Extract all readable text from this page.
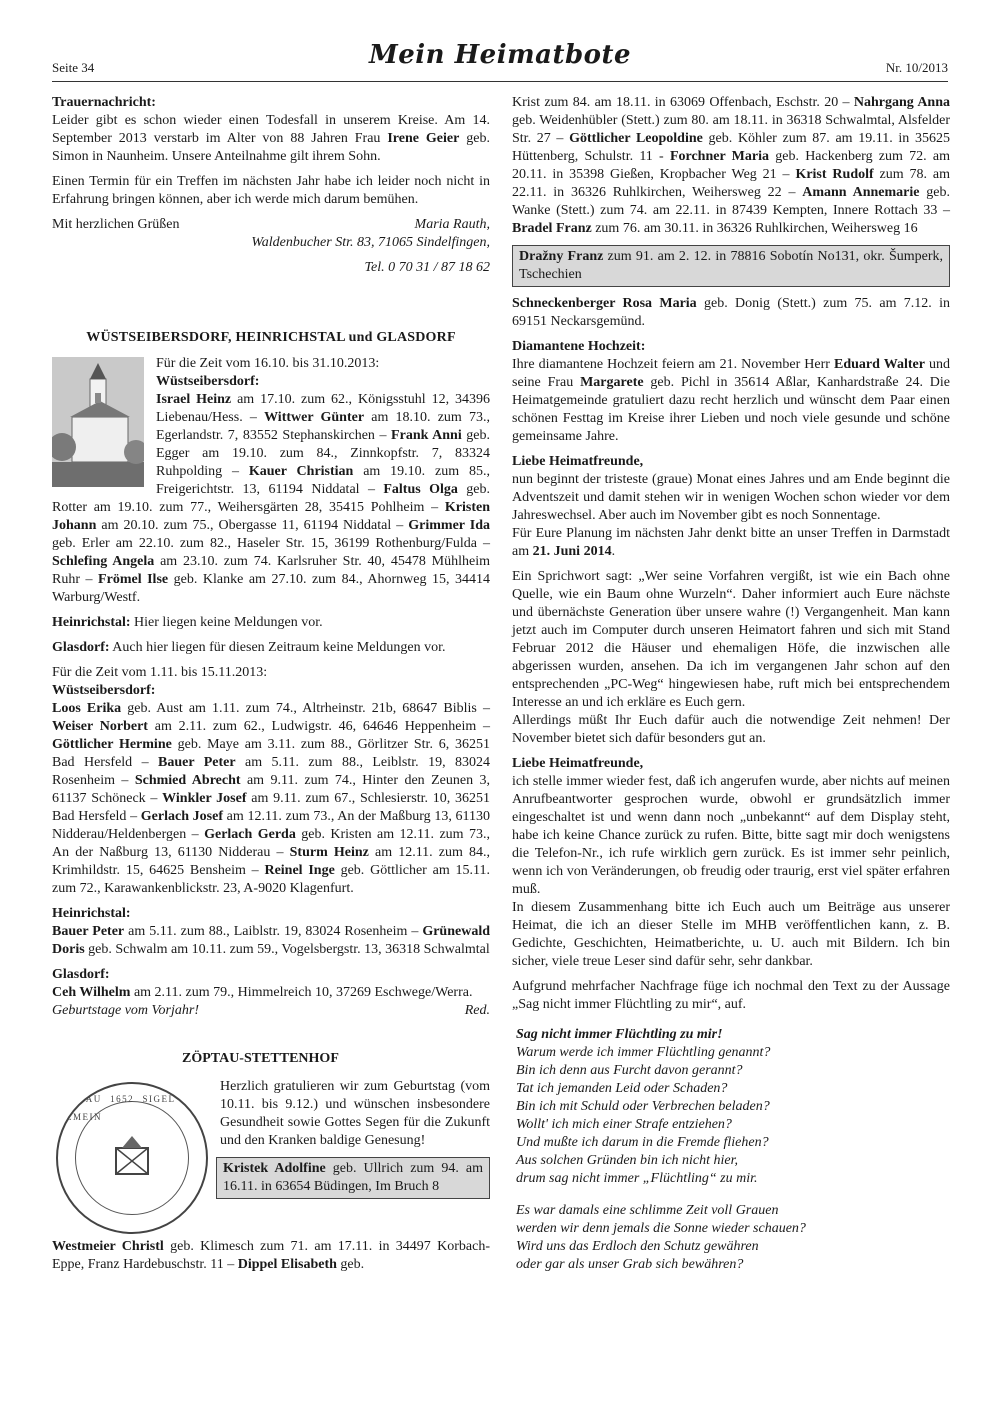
Seite 34	Mein Heimatbote	Nr. 10/2013

Trauernachricht:

Leider gibt es schon wieder einen Todesfall in unserem Kreise. Am 14. September 2013 verstarb im Alter von 88 Jahren Frau Irene Geier geb. Simon in Naunheim. Unsere Anteilnahme gilt ihrem Sohn.

Einen Termin für ein Treffen im nächsten Jahr habe ich leider noch nicht in Erfahrung bringen können, aber ich werde mich darum bemühen.

Mit herzlichen Grüßen	Maria Rauth,

Waldenbucher Str. 83, 71065 Sindelfingen,

Tel. 0 70 31 / 87 18 62

WÜSTSEIBERSDORF, HEINRICHSTAL und GLASDORF

Für die Zeit vom 16.10. bis 31.10.2013:

Wüstseibersdorf:

Israel Heinz am 17.10. zum 62., Königsstuhl 12, 34396 Liebenau/Hess. – Wittwer Günter am 18.10. zum 73., Egerlandstr. 7, 83552 Stephanskirchen – Frank Anni geb. Egger am 19.10. zum 84., Zinnkopfstr. 7, 83324 Ruhpolding – Kauer Christian am 19.10. zum 85., Freigerichtstr. 13, 61194 Niddatal – Faltus Olga geb. Rotter am 19.10. zum 77., Weihersgärten 28, 35415 Pohlheim – Kristen Johann am 20.10. zum 75., Obergasse 11, 61194 Niddatal – Grimmer Ida geb. Erler am 22.10. zum 82., Haseler Str. 15, 36199 Rothenburg/Fulda – Schlefing Angela am 23.10. zum 74. Karlsruher Str. 40, 45478 Mühlheim Ruhr – Frömel Ilse geb. Klanke am 27.10. zum 84., Ahornweg 15, 34414 Warburg/Westf.

Heinrichstal: Hier liegen keine Meldungen vor.

Glasdorf: Auch hier liegen für diesen Zeitraum keine Meldungen vor.

Für die Zeit vom 1.11. bis 15.11.2013:

Wüstseibersdorf:

Loos Erika geb. Aust am 1.11. zum 74., Altrheinstr. 21b, 68647 Biblis – Weiser Norbert am 2.11. zum 62., Ludwigstr. 46, 64646 Heppenheim – Göttlicher Hermine geb. Maye am 3.11. zum 88., Görlitzer Str. 6, 36251 Bad Hersfeld – Bauer Peter am 5.11. zum 88., Leiblstr. 19, 83024 Rosenheim – Schmied Abrecht am 9.11. zum 74., Hinter den Zeunen 3, 61137 Schöneck – Winkler Josef am 9.11. zum 67., Schlesierstr. 10, 36251 Bad Hersfeld – Gerlach Josef am 12.11. zum 73., An der Maßburg 13, 61130 Nidderau/Heldenbergen – Gerlach Gerda geb. Kristen am 12.11. zum 73., An der Naßburg 13, 61130 Nidderau – Sturm Heinz am 12.11. zum 84., Krimhildstr. 15, 64625 Bensheim – Reinel Inge geb. Göttlicher am 15.11. zum 72., Karawankenblickstr. 23, A-9020 Klagenfurt.

Heinrichstal:

Bauer Peter am 5.11. zum 88., Laiblstr. 19, 83024 Rosenheim – Grünewald Doris geb. Schwalm am 10.11. zum 59., Vogelsbergstr. 13, 36318 Schwalmtal

Glasdorf:

Ceh Wilhelm am 2.11. zum 79., Himmelreich 10, 37269 Eschwege/Werra.

Geburtstage vom Vorjahr!	Red.
ZÖPTAU-STETTENHOF
ZÖPTAU 1652 SIGEL DER GEMEIN

Herzlich gratulieren wir zum Geburtstag (vom 10.11. bis 9.12.) und wünschen insbesondere Gesundheit sowie Gottes Segen für die Zukunft und den Kranken baldige Genesung!

Kristek Adolfine geb. Ullrich zum 94. am 16.11. in 63654 Büdingen, Im Bruch 8

Westmeier Christl geb. Klimesch zum 71. am 17.11. in 34497 Korbach-Eppe, Franz Hardebuschstr. 11 – Dippel Elisabeth geb.

Krist zum 84. am 18.11. in 63069 Offenbach, Eschstr. 20 – Nahrgang Anna geb. Weidenhübler (Stett.) zum 80. am 18.11. in 36318 Schwalmtal, Alsfelder Str. 27 – Göttlicher Leopoldine geb. Köhler zum 87. am 19.11. in 35625 Hüttenberg, Schulstr. 11 - Forchner Maria geb. Hackenberg zum 72. am 20.11. in 35398 Gießen, Kropbacher Weg 21 – Krist Rudolf zum 78. am 22.11. in 36326 Ruhlkirchen, Weihersweg 22 – Amann Annemarie geb. Wanke (Stett.) zum 74. am 22.11. in 87439 Kempten, Innere Rottach 33 – Bradel Franz zum 76. am 30.11. in 36326 Ruhlkirchen, Weihersweg 16

Dražny Franz zum 91. am 2. 12. in 78816 Sobotín No131, okr. Šumperk, Tschechien

Schneckenberger Rosa Maria geb. Donig (Stett.) zum 75. am 7.12. in 69151 Neckarsgemünd.

Diamantene Hochzeit:

Ihre diamantene Hochzeit feiern am 21. November Herr Eduard Walter und seine Frau Margarete geb. Pichl in 35614 Aßlar, Kanhardstraße 24. Die Heimatgemeinde gratuliert dazu recht herzlich und wünscht dem Paar einen schönen Festtag im Kreise ihrer Lieben und noch viele gesunde und schöne gemeinsame Jahre.

Liebe Heimatfreunde,

nun beginnt der tristeste (graue) Monat eines Jahres und am Ende beginnt die Adventszeit und damit stehen wir in wenigen Wochen schon wieder vor dem Jahreswechsel. Aber auch im November gibt es noch Sonnentage.

Für Eure Planung im nächsten Jahr denkt bitte an unser Treffen in Darmstadt am 21. Juni 2014.

Ein Sprichwort sagt: „Wer seine Vorfahren vergißt, ist wie ein Bach ohne Quelle, wie ein Baum ohne Wurzeln“. Daher informiert auch Eure nächste und übernächste Generation über unsere wahre (!) Vergangenheit. Man kann jetzt auch im Computer durch unseren Heimatort fahren und sich mit Stand Februar 2012 die Häuser und ehemaligen Höfe, die inzwischen alle abgerissen wurden, ansehen. Da ich im vergangenen Jahr schon auf den entsprechenden „PC-Weg“ hingewiesen habe, ruft mich bei entsprechendem Interesse an und ich erkläre es Euch gern.

Allerdings müßt Ihr Euch dafür auch die notwendige Zeit nehmen! Der November bietet sich dafür besonders gut an.

Liebe Heimatfreunde,

ich stelle immer wieder fest, daß ich angerufen wurde, aber nichts auf meinen Anrufbeantworter gesprochen wurde, obwohl er grundsätzlich immer eingeschaltet ist und wenn dann noch „unbekannt“ auf dem Display steht, habe ich keine Chance zurück zu rufen. Bitte, bitte sagt mir doch wenigstens die Telefon-Nr., ich rufe wirklich gern zurück. Es ist immer sehr peinlich, wenn ich von Veränderungen, ob freudig oder traurig, erst viel später erfahren muß.

In diesem Zusammenhang bitte ich Euch auch um Beiträge aus unserer Heimat, die ich an dieser Stelle im MHB veröffentlichen kann, z. B. Gedichte, Geschichten, Heimatberichte, u. U. auch mit Bildern. Ich bin sicher, viele treue Leser sind dafür sehr, sehr dankbar.

Aufgrund mehrfacher Nachfrage füge ich nochmal den Text zu der Aussage „Sag nicht immer Flüchtling zu mir“, auf.

Sag nicht immer Flüchtling zu mir!
Warum werde ich immer Flüchtling genannt?
Bin ich denn aus Furcht davon gerannt?
Tat ich jemanden Leid oder Schaden?
Bin ich mit Schuld oder Verbrechen beladen?
Wollt' ich mich einer Strafe entziehen?
Und mußte ich darum in die Fremde fliehen?
Aus solchen Gründen bin ich nicht hier,
drum sag nicht immer „Flüchtling“ zu mir.
Es war damals eine schlimme Zeit voll Grauen
werden wir denn jemals die Sonne wieder schauen?
Wird uns das Erdloch den Schutz gewähren
oder gar als unser Grab sich bewähren?
